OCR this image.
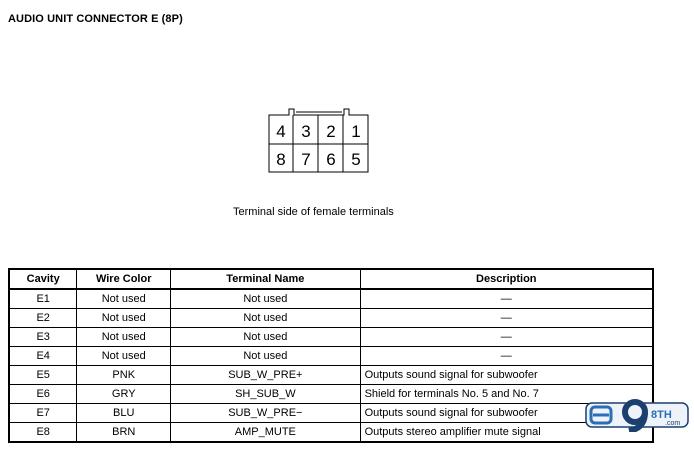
AUDIO UNIT CONNECTOR E (8P)
4 3 2 1
8 7 6 5
Terminal side of female terminals
Cavity	Wire Color	Terminal Name	Description
E1	Not used	Not used	—
E2	Not used	Not used	—
E3	Not used	Not used	—
E4	Not used	Not used	—
E5	PNK	SUB_W_PRE+	Outputs sound signal for subwoofer
E6	GRY	SH_SUB_W	Shield for terminals No. 5 and No. 7
E7	BLU	SUB_W_PRE−	Outputs sound signal for subwoofer
E8	BRN	AMP_MUTE	Outputs stereo amplifier mute signal
8TH
.com
